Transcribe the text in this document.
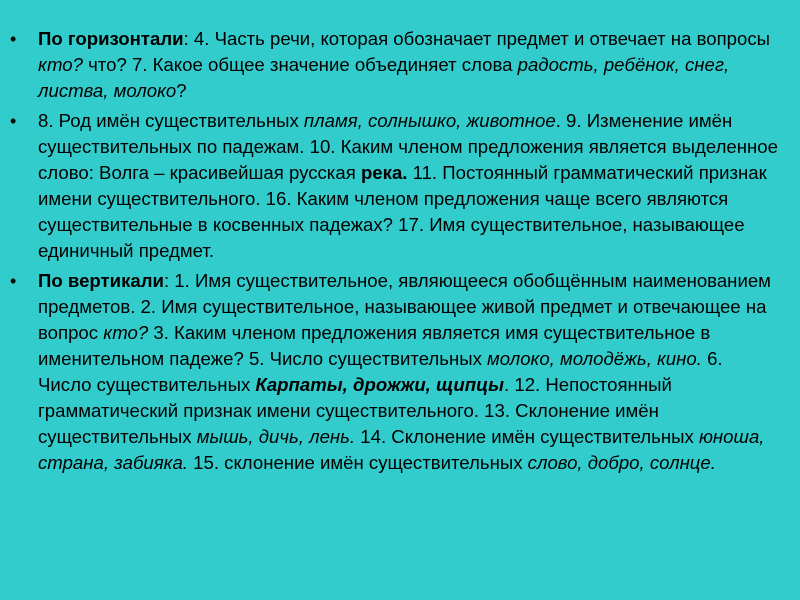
• По горизонтали: 4. Часть речи, которая обозначает предмет и отвечает на вопросы кто? что? 7. Какое общее значение объединяет слова радость, ребёнок, снег, листва, молоко?
• 8. Род имён существительных пламя, солнышко, животное. 9. Изменение имён существительных по падежам. 10. Каким членом предложения является выделенное слово: Волга – красивейшая русская река. 11. Постоянный грамматический признак имени существительного. 16. Каким членом предложения чаще всего являются существительные в косвенных падежах? 17. Имя существительное, называющее единичный предмет.
• По вертикали: 1. Имя существительное, являющееся обобщённым наименованием предметов. 2. Имя существительное, называющее живой предмет и отвечающее на вопрос кто? 3. Каким членом предложения является имя существительное в именительном падеже? 5. Число существительных молоко, молодёжь, кино. 6. Число существительных Карпаты, дрожжи, щипцы. 12. Непостоянный грамматический признак имени существительного. 13. Склонение имён существительных мышь, дичь, лень. 14. Склонение имён существительных юноша, страна, забияка. 15. склонение имён существительных слово, добро, солнце.
